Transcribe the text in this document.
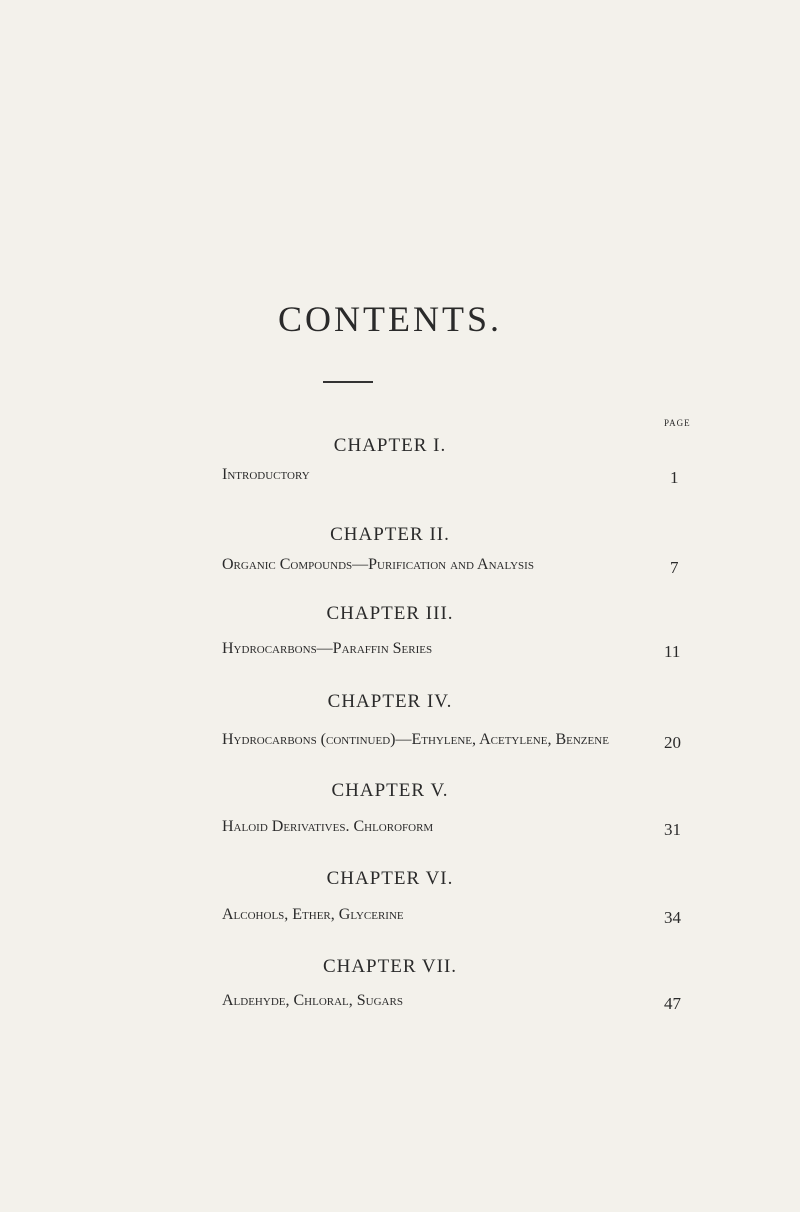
CONTENTS.
PAGE
CHAPTER I.
Introductory	1
CHAPTER II.
Organic Compounds—Purification and Analysis	7
CHAPTER III.
Hydrocarbons—Paraffin Series	11
CHAPTER IV.
Hydrocarbons (continued)—Ethylene, Acetylene, Benzene	20
CHAPTER V.
Haloid Derivatives. Chloroform	31
CHAPTER VI.
Alcohols, Ether, Glycerine	34
CHAPTER VII.
Aldehyde, Chloral, Sugars	47
